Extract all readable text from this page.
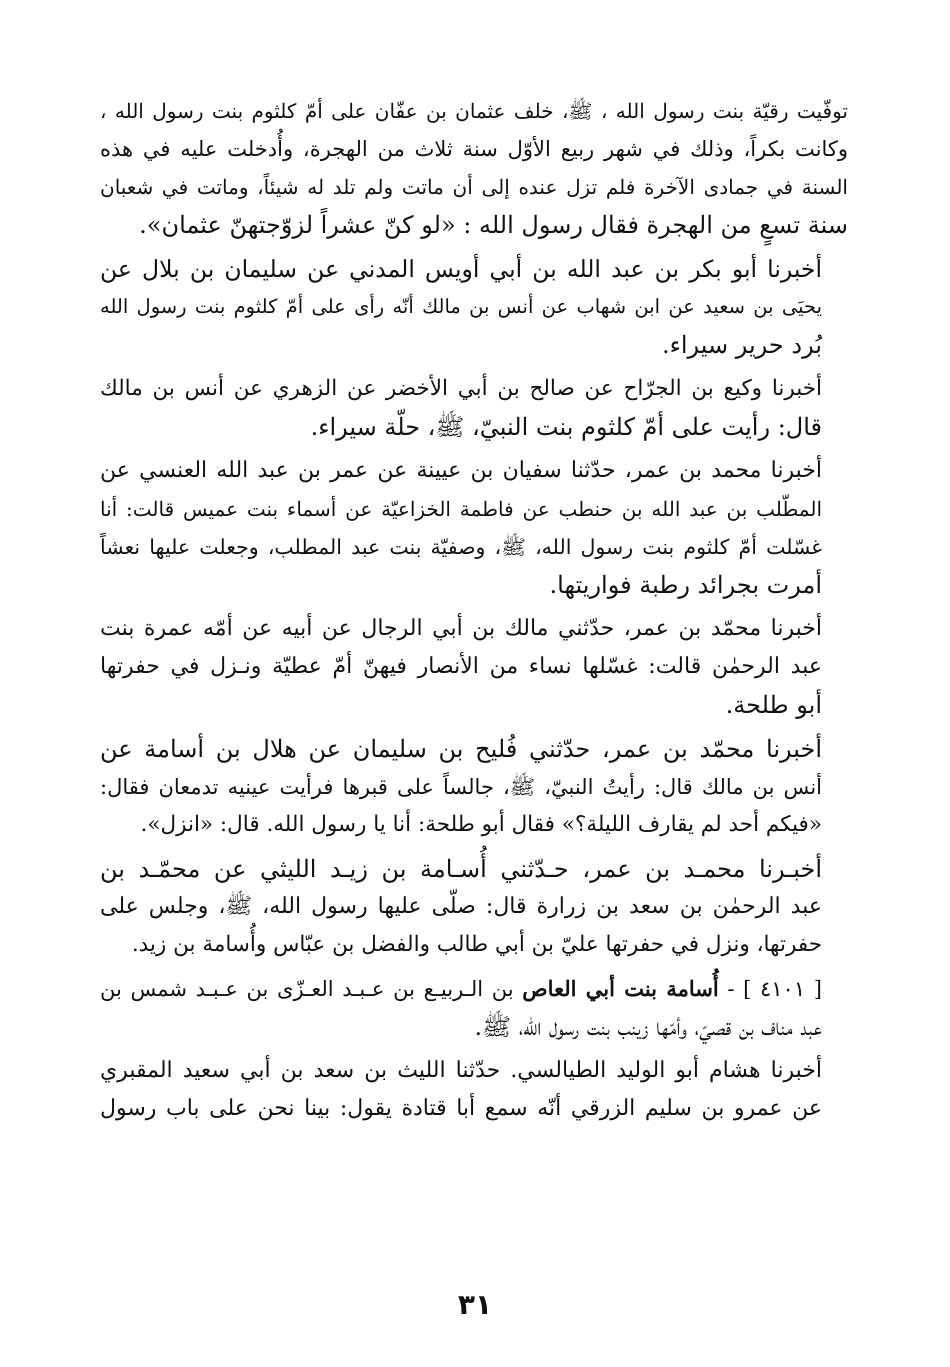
توفّيت رقيّة بنت رسول الله ، ﷺ، خلف عثمان بن عفّان على أمّ كلثوم بنت رسول الله ،
وكانت بكراً، وذلك في شهر ربيع الأوّل سنة ثلاث من الهجرة، وأُدخلت عليه في هذه
السنة في جمادى الآخرة فلم تزل عنده إلى أن ماتت ولم تلد له شيئاً، وماتت في شعبان
سنة تسعٍ من الهجرة فقال رسول الله : «لو كنّ عشراً لزوّجتهنّ عثمان».

أخبرنا أبو بكر بن عبد الله بن أبي أويس المدني عن سليمان بن بلال عن
يحيَى بن سعيد عن ابن شهاب عن أنس بن مالك أنّه رأى على أمّ كلثوم بنت رسول الله
بُرد حرير سيراء.

أخبرنا وكيع بن الجرّاح عن صالح بن أبي الأخضر عن الزهري عن أنس بن مالك
قال: رأيت على أمّ كلثوم بنت النبيّ، ﷺ، حلّة سيراء.

أخبرنا محمد بن عمر، حدّثنا سفيان بن عيينة عن عمر بن عبد الله العنسي عن
المطّلب بن عبد الله بن حنطب عن فاطمة الخزاعيّة عن أسماء بنت عميس قالت: أنا
غسّلت أمّ كلثوم بنت رسول الله، ﷺ، وصفيّة بنت عبد المطلب، وجعلت عليها نعشاً
أمرت بجرائد رطبة فواريتها.

أخبرنا محمّد بن عمر، حدّثني مالك بن أبي الرجال عن أبيه عن أمّه عمرة بنت
عبد الرحمٰن قالت: غسّلها نساء من الأنصار فيهنّ أمّ عطيّة ونـزل في حفرتها
أبو طلحة.

أخبرنا محمّد بن عمر، حدّثني فُليح بن سليمان عن هلال بن أسامة عن
أنس بن مالك قال: رأيتُ النبيّ، ﷺ، جالساً على قبرها فرأيت عينيه تدمعان فقال:
«فيكم أحد لم يقارف الليلة؟» فقال أبو طلحة: أنا يا رسول الله. قال: «انزل».

أخبـرنا محمـد بن عمر، حـدّثني أُسـامة بن زيـد الليثي عن محمّـد بن
عبد الرحمٰن بن سعد بن زرارة قال: صلّى عليها رسول الله، ﷺ، وجلس على
حفرتها، ونزل في حفرتها عليّ بن أبي طالب والفضل بن عبّاس وأُسامة بن زيد.

[ ٤١٠١ ] - أُسامة بنت أبي العاص بن الـربيـع بن عـبـد العـزّى بن عـبـد شمس بن
عبد مناف بن قصيّ، وأمّها زينب بنت رسول الله، ﷺ.

أخبرنا هشام أبو الوليد الطيالسي. حدّثنا الليث بن سعد بن أبي سعيد المقبري
عن عمرو بن سليم الزرقي أنّه سمع أبا قتادة يقول: بينا نحن على باب رسول

٣١
